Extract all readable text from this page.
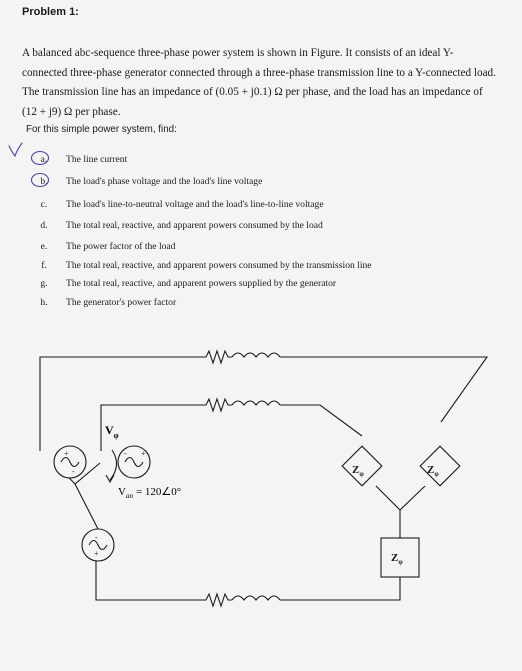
Problem 1:
A balanced abc-sequence three-phase power system is shown in Figure. It consists of an ideal Y-
connected three-phase generator connected through a three-phase transmission line to a Y-connected load.
The transmission line has an impedance of (0.05 + j0.1) Ω per phase, and the load has an impedance of
(12 + j9) Ω per phase.
For this simple power system, find:
a.	The line current
b.	The load's phase voltage and the load's line voltage
c.	The load's line-to-neutral voltage and the load's line-to-line voltage
d.	The total real, reactive, and apparent powers consumed by the load
e.	The power factor of the load
f.	The total real, reactive, and apparent powers consumed by the transmission line
g.	The total real, reactive, and apparent powers supplied by the generator
h.	The generator's power factor
+
-
+
-
-
+
$V_\varphi$
$V_{an}$ = 120∠0°
$Z_\varphi$	$Z_\varphi$
$Z_\varphi$
